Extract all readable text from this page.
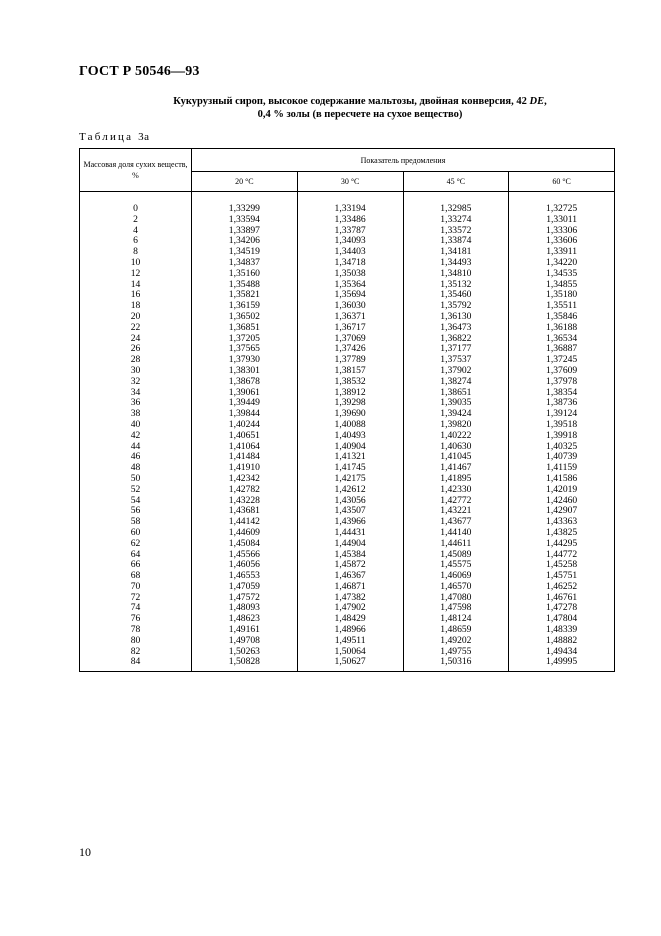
ГОСТ Р 50546—93
Кукурузный сироп, высокое содержание мальтозы, двойная конверсия, 42 DE,
0,4 % золы (в пересчете на сухое вещество)
Таблица 3а
Массовая доля сухих веществ, %	Показатель предомления			
	20 °C	30 °C	45 °C	60 °C
0	1,33299	1,33194	1,32985	1,32725
2	1,33594	1,33486	1,33274	1,33011
4	1,33897	1,33787	1,33572	1,33306
6	1,34206	1,34093	1,33874	1,33606
8	1,34519	1,34403	1,34181	1,33911
10	1,34837	1,34718	1,34493	1,34220
12	1,35160	1,35038	1,34810	1,34535
14	1,35488	1,35364	1,35132	1,34855
16	1,35821	1,35694	1,35460	1,35180
18	1,36159	1,36030	1,35792	1,35511
20	1,36502	1,36371	1,36130	1,35846
22	1,36851	1,36717	1,36473	1,36188
24	1,37205	1,37069	1,36822	1,36534
26	1,37565	1,37426	1,37177	1,36887
28	1,37930	1,37789	1,37537	1,37245
30	1,38301	1,38157	1,37902	1,37609
32	1,38678	1,38532	1,38274	1,37978
34	1,39061	1,38912	1,38651	1,38354
36	1,39449	1,39298	1,39035	1,38736
38	1,39844	1,39690	1,39424	1,39124
40	1,40244	1,40088	1,39820	1,39518
42	1,40651	1,40493	1,40222	1,39918
44	1,41064	1,40904	1,40630	1,40325
46	1,41484	1,41321	1,41045	1,40739
48	1,41910	1,41745	1,41467	1,41159
50	1,42342	1,42175	1,41895	1,41586
52	1,42782	1,42612	1,42330	1,42019
54	1,43228	1,43056	1,42772	1,42460
56	1,43681	1,43507	1,43221	1,42907
58	1,44142	1,43966	1,43677	1,43363
60	1,44609	1,44431	1,44140	1,43825
62	1,45084	1,44904	1,44611	1,44295
64	1,45566	1,45384	1,45089	1,44772
66	1,46056	1,45872	1,45575	1,45258
68	1,46553	1,46367	1,46069	1,45751
70	1,47059	1,46871	1,46570	1,46252
72	1,47572	1,47382	1,47080	1,46761
74	1,48093	1,47902	1,47598	1,47278
76	1,48623	1,48429	1,48124	1,47804
78	1,49161	1,48966	1,48659	1,48339
80	1,49708	1,49511	1,49202	1,48882
82	1,50263	1,50064	1,49755	1,49434
84	1,50828	1,50627	1,50316	1,49995
10
